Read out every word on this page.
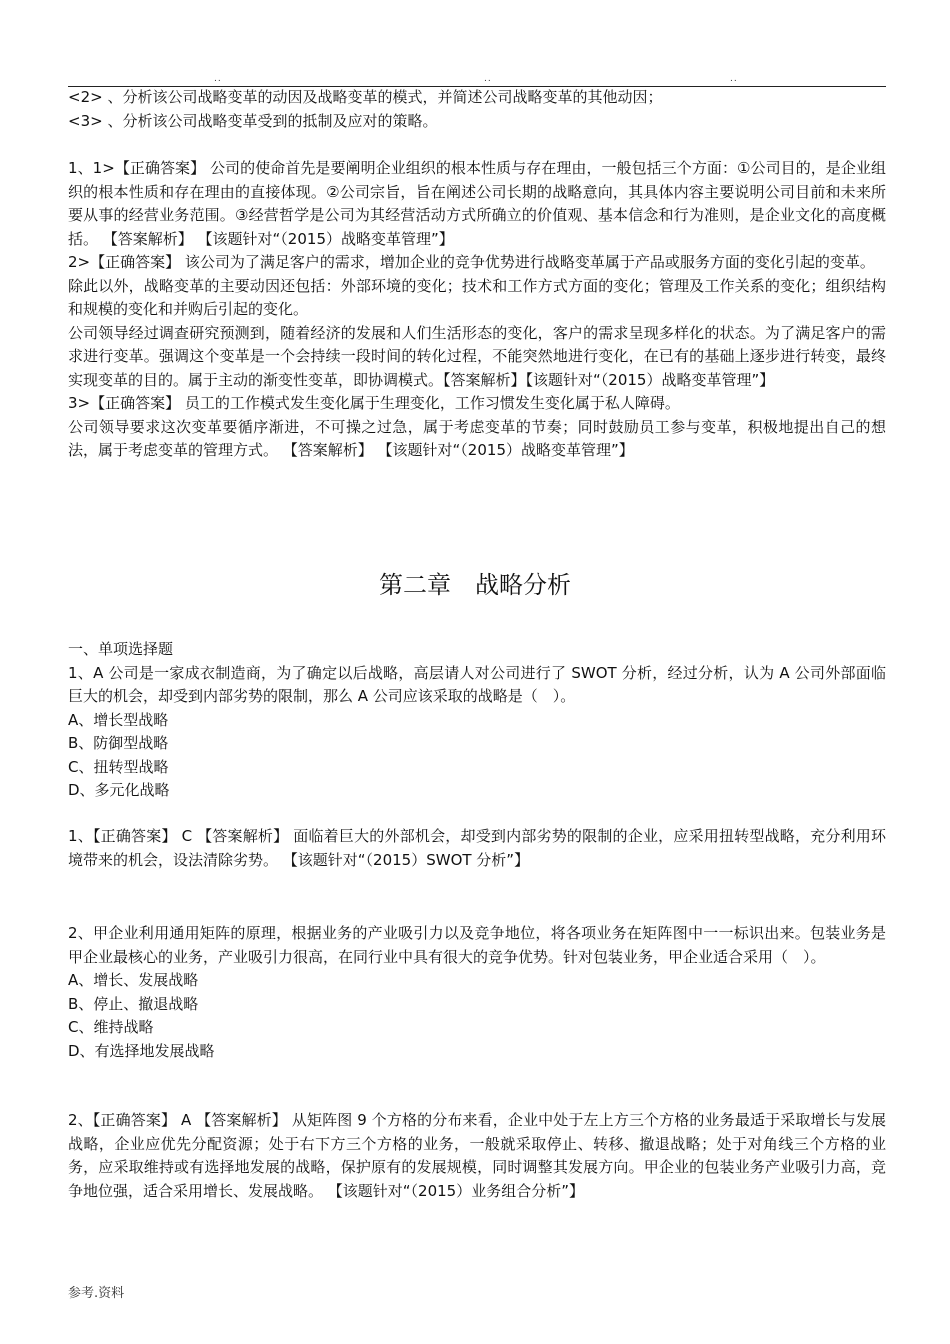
..	..	..

<2> 、分析该公司战略变革的动因及战略变革的模式，并简述公司战略变革的其他动因；

<3> 、分析该公司战略变革受到的抵制及应对的策略。

1、1>【正确答案】 公司的使命首先是要阐明企业组织的根本性质与存在理由，一般包括三个方面：①公司目的，是企业组织的根本性质和存在理由的直接体现。②公司宗旨，旨在阐述公司长期的战略意向，其具体内容主要说明公司目前和未来所要从事的经营业务范围。③经营哲学是公司为其经营活动方式所确立的价值观、基本信念和行为准则，是企业文化的高度概括。 【答案解析】 【该题针对“（2015）战略变革管理”】

2>【正确答案】 该公司为了满足客户的需求，增加企业的竞争优势进行战略变革属于产品或服务方面的变化引起的变革。

除此以外，战略变革的主要动因还包括：外部环境的变化；技术和工作方式方面的变化；管理及工作关系的变化；组织结构和规模的变化和并购后引起的变化。

公司领导经过调查研究预测到，随着经济的发展和人们生活形态的变化，客户的需求呈现多样化的状态。为了满足客户的需求进行变革。强调这个变革是一个会持续一段时间的转化过程，不能突然地进行变化，在已有的基础上逐步进行转变，最终实现变革的目的。属于主动的渐变性变革，即协调模式。【答案解析】【该题针对“（2015）战略变革管理”】

3>【正确答案】 员工的工作模式发生变化属于生理变化，工作习惯发生变化属于私人障碍。

公司领导要求这次变革要循序渐进，不可操之过急，属于考虑变革的节奏；同时鼓励员工参与变革，积极地提出自己的想法，属于考虑变革的管理方式。 【答案解析】 【该题针对“（2015）战略变革管理”】

第二章　战略分析

一、单项选择题

1、A 公司是一家成衣制造商，为了确定以后战略，高层请人对公司进行了 SWOT 分析，经过分析，认为 A 公司外部面临巨大的机会，却受到内部劣势的限制，那么 A 公司应该采取的战略是（　）。

A、增长型战略

B、防御型战略

C、扭转型战略

D、多元化战略

1、【正确答案】 C 【答案解析】 面临着巨大的外部机会，却受到内部劣势的限制的企业，应采用扭转型战略，充分利用环境带来的机会，设法清除劣势。 【该题针对“（2015）SWOT 分析”】

2、甲企业利用通用矩阵的原理，根据业务的产业吸引力以及竞争地位，将各项业务在矩阵图中一一标识出来。包装业务是甲企业最核心的业务，产业吸引力很高，在同行业中具有很大的竞争优势。针对包装业务，甲企业适合采用（　）。

A、增长、发展战略

B、停止、撤退战略

C、维持战略

D、有选择地发展战略

2、【正确答案】 A 【答案解析】 从矩阵图 9 个方格的分布来看，企业中处于左上方三个方格的业务最适于采取增长与发展战略，企业应优先分配资源；处于右下方三个方格的业务，一般就采取停止、转移、撤退战略；处于对角线三个方格的业务，应采取维持或有选择地发展的战略，保护原有的发展规模，同时调整其发展方向。甲企业的包装业务产业吸引力高，竞争地位强，适合采用增长、发展战略。 【该题针对“（2015）业务组合分析”】

参考.资料
